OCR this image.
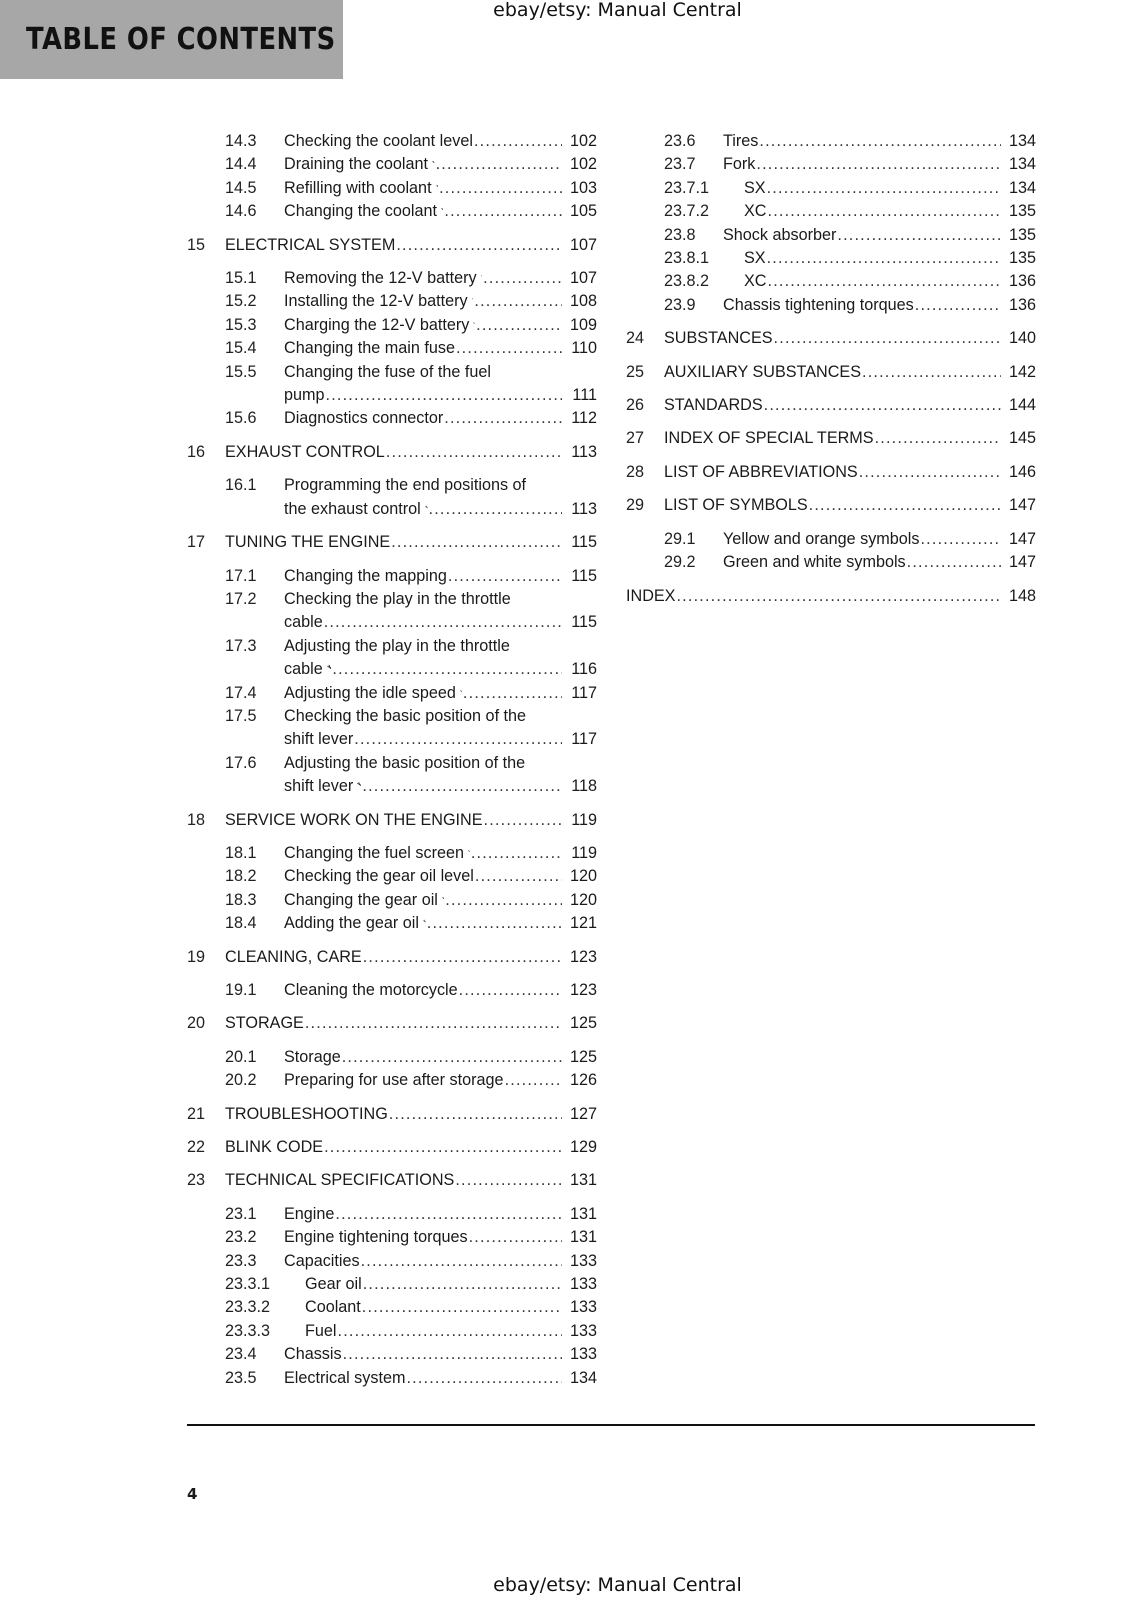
TABLE OF CONTENTS
ebay/etsy: Manual Central
14.3	Checking the coolant level .....	102
14.4	Draining the coolant .....	102
14.5	Refilling with coolant .....	103
14.6	Changing the coolant .....	105
15	ELECTRICAL SYSTEM .....	107
15.1	Removing the 12-V battery .....	107
15.2	Installing the 12-V battery .....	108
15.3	Charging the 12-V battery .....	109
15.4	Changing the main fuse .....	110
15.5	Changing the fuse of the fuel
pump .....	111
15.6	Diagnostics connector .....	112
16	EXHAUST CONTROL .....	113
16.1	Programming the end positions of
the exhaust control .....	113
17	TUNING THE ENGINE .....	115
17.1	Changing the mapping .....	115
17.2	Checking the play in the throttle
cable .....	115
17.3	Adjusting the play in the throttle
cable .....	116
17.4	Adjusting the idle speed .....	117
17.5	Checking the basic position of the
shift lever .....	117
17.6	Adjusting the basic position of the
shift lever .....	118
18	SERVICE WORK ON THE ENGINE .....	119
18.1	Changing the fuel screen .....	119
18.2	Checking the gear oil level .....	120
18.3	Changing the gear oil .....	120
18.4	Adding the gear oil .....	121
19	CLEANING, CARE .....	123
19.1	Cleaning the motorcycle .....	123
20	STORAGE .....	125
20.1	Storage .....	125
20.2	Preparing for use after storage .....	126
21	TROUBLESHOOTING .....	127
22	BLINK CODE .....	129
23	TECHNICAL SPECIFICATIONS .....	131
23.1	Engine .....	131
23.2	Engine tightening torques .....	131
23.3	Capacities .....	133
23.3.1	Gear oil .....	133
23.3.2	Coolant .....	133
23.3.3	Fuel .....	133
23.4	Chassis .....	133
23.5	Electrical system .....	134
23.6	Tires .....	134
23.7	Fork .....	134
23.7.1	SX .....	134
23.7.2	XC .....	135
23.8	Shock absorber .....	135
23.8.1	SX .....	135
23.8.2	XC .....	136
23.9	Chassis tightening torques .....	136
24	SUBSTANCES .....	140
25	AUXILIARY SUBSTANCES .....	142
26	STANDARDS .....	144
27	INDEX OF SPECIAL TERMS .....	145
28	LIST OF ABBREVIATIONS .....	146
29	LIST OF SYMBOLS .....	147
29.1	Yellow and orange symbols .....	147
29.2	Green and white symbols .....	147
INDEX .....	148
4
ebay/etsy: Manual Central
